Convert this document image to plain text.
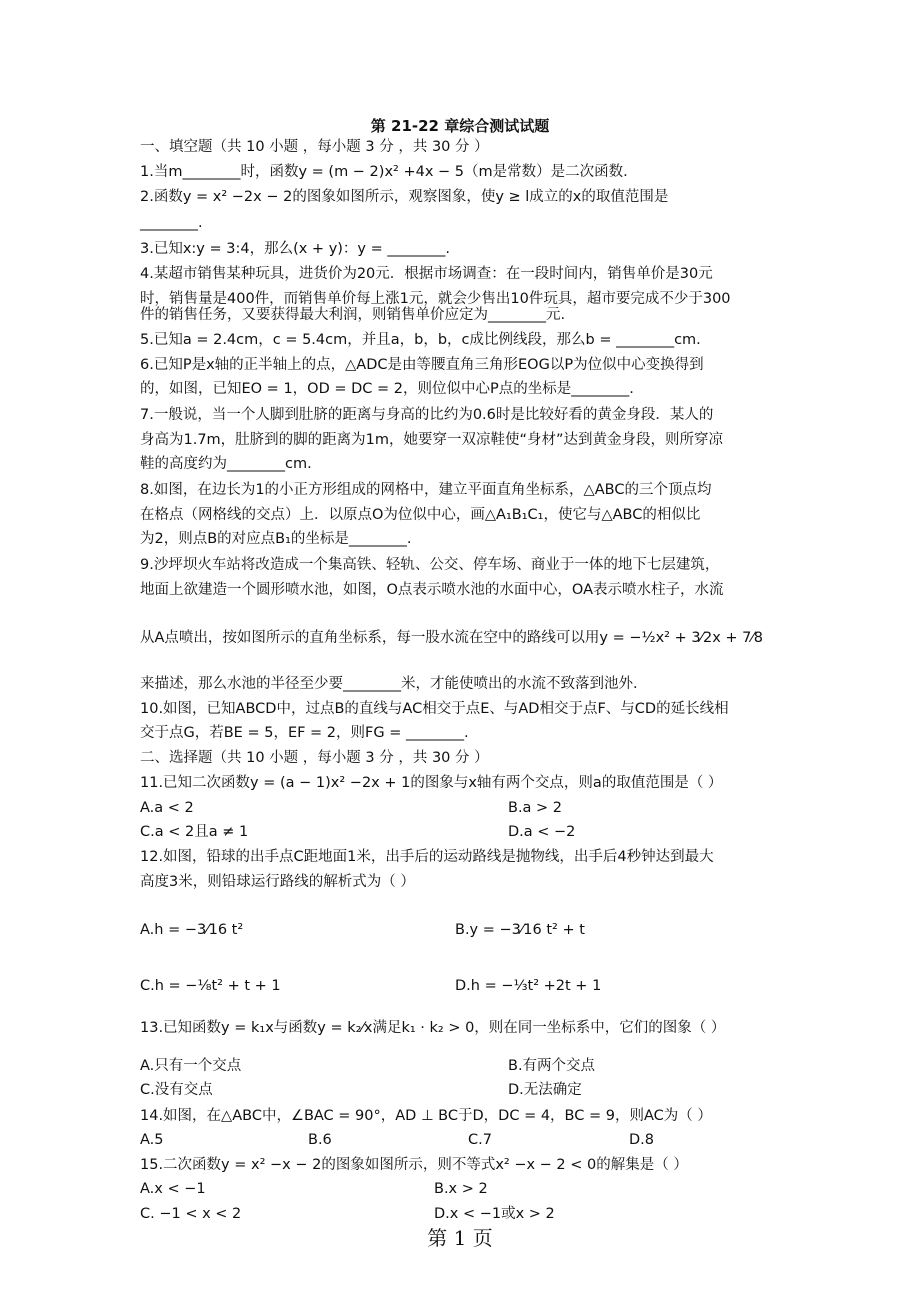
第 21-22 章综合测试试题
一、填空题（共 10 小题 ，每小题 3 分 ，共 30 分 ）
1.当m________时，函数y = (m − 2)x² +4x − 5（m是常数）是二次函数.
2.函数y = x² −2x − 2的图象如图所示，观察图象，使y ≥ l成立的x的取值范围是
________.
3.已知x:y = 3:4，那么(x + y)：y = ________.
4.某超市销售某种玩具，进货价为20元．根据市场调查：在一段时间内，销售单价是30元
时，销售量是400件，而销售单价每上涨1元，就会少售出10件玩具，超市要完成不少于300
件的销售任务，又要获得最大利润，则销售单价应定为________元.
5.已知a = 2.4cm，c = 5.4cm，并且a，b，b，c成比例线段，那么b = ________cm.
6.已知P是x轴的正半轴上的点，△ADC是由等腰直角三角形EOG以P为位似中心变换得到
的，如图，已知EO = 1，OD = DC = 2，则位似中心P点的坐标是________.
7.一般说，当一个人脚到肚脐的距离与身高的比约为0.6时是比较好看的黄金身段．某人的
身高为1.7m，肚脐到的脚的距离为1m，她要穿一双凉鞋使“身材”达到黄金身段，则所穿凉
鞋的高度约为________cm.
8.如图，在边长为1的小正方形组成的网格中，建立平面直角坐标系，△ABC的三个顶点均
在格点（网格线的交点）上．以原点O为位似中心，画△A₁B₁C₁，使它与△ABC的相似比
为2，则点B的对应点B₁的坐标是________.
9.沙坪坝火车站将改造成一个集高铁、轻轨、公交、停车场、商业于一体的地下七层建筑，
地面上欲建造一个圆形喷水池，如图，O点表示喷水池的水面中心，OA表示喷水柱子，水流
从A点喷出，按如图所示的直角坐标系，每一股水流在空中的路线可以用y = −½x² + 3⁄2x + 7⁄8
来描述，那么水池的半径至少要________米，才能使喷出的水流不致落到池外.
10.如图，已知ABCD中，过点B的直线与AC相交于点E、与AD相交于点F、与CD的延长线相
交于点G，若BE = 5，EF = 2，则FG = ________.
二、选择题（共 10 小题 ，每小题 3 分 ，共 30 分 ）
11.已知二次函数y = (a − 1)x² −2x + 1的图象与x轴有两个交点，则a的取值范围是（ ）
A.a < 2	B.a > 2
C.a < 2且a ≠ 1	D.a < −2
12.如图，铅球的出手点C距地面1米，出手后的运动路线是抛物线，出手后4秒钟达到最大
高度3米，则铅球运行路线的解析式为（ ）
A.h = −3⁄16 t²	B.y = −3⁄16 t² + t
C.h = −⅛t² + t + 1	D.h = −⅓t² +2t + 1
13.已知函数y = k₁x与函数y = k₂⁄x满足k₁ · k₂ > 0，则在同一坐标系中，它们的图象（ ）
A.只有一个交点	B.有两个交点
C.没有交点	D.无法确定
14.如图，在△ABC中，∠BAC = 90°，AD ⊥ BC于D，DC = 4，BC = 9，则AC为（ ）
A.5	B.6	C.7	D.8
15.二次函数y = x² −x − 2的图象如图所示，则不等式x² −x − 2 < 0的解集是（ ）
A.x < −1	B.x > 2
C. −1 < x < 2	D.x < −1或x > 2
第 1 页
